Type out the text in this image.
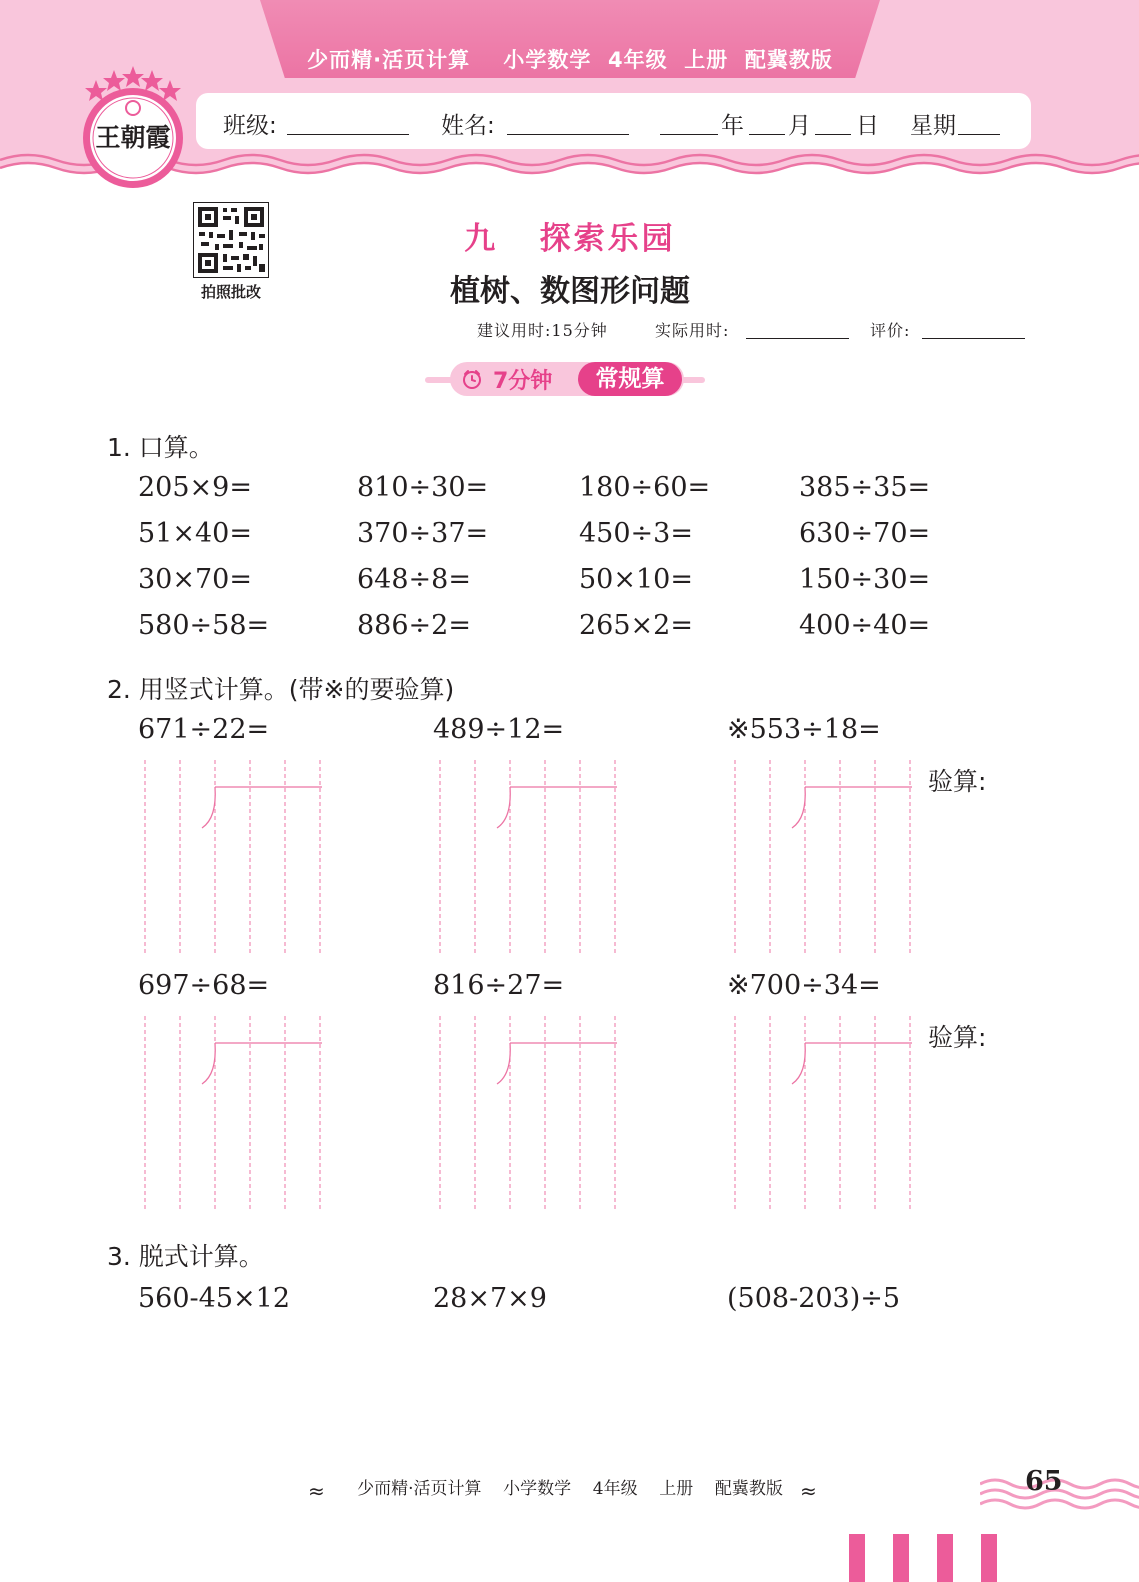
少而精·活页计算    小学数学  4年级  上册  配冀教版
班级:	姓名:	年 月 日 星期
王朝霞
拍照批改
九   探索乐园
植树、数图形问题
建议用时:15分钟	实际用时:	评价:
7分钟	常规算
1. 口算。
205×9=	810÷30=	180÷60=	385÷35=
51×40=	370÷37=	450÷3=	630÷70=
30×70=	648÷8=	50×10=	150÷30=
580÷58=	886÷2=	265×2=	400÷40=
2. 用竖式计算。(带※的要验算)
671÷22=	489÷12=	※553÷18=
验算:
697÷68=	816÷27=	※700÷34=
验算:
3. 脱式计算。
560-45×12	28×7×9	(508-203)÷5
≈	少而精·活页计算    小学数学    4年级    上册    配冀教版 ≈	65
